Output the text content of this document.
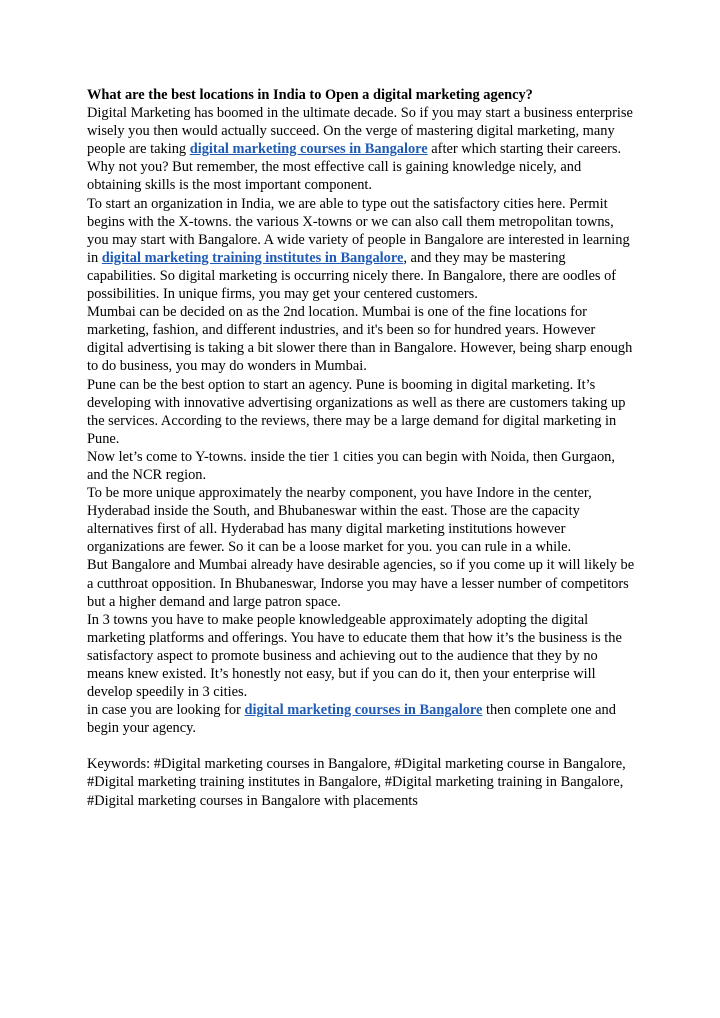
What are the best locations in India to Open a digital marketing agency?

Digital Marketing has boomed in the ultimate decade. So if you may start a business enterprise wisely you then would actually succeed. On the verge of mastering digital marketing, many people are taking digital marketing courses in Bangalore after which starting their careers. Why not you? But remember, the most effective call is gaining knowledge nicely, and obtaining skills is the most important component.

To start an organization in India, we are able to type out the satisfactory cities here. Permit begins with the X-towns. the various X-towns or we can also call them metropolitan towns, you may start with Bangalore. A wide variety of people in Bangalore are interested in learning in digital marketing training institutes in Bangalore, and they may be mastering capabilities. So digital marketing is occurring nicely there. In Bangalore, there are oodles of possibilities. In unique firms, you may get your centered customers.

Mumbai can be decided on as the 2nd location. Mumbai is one of the fine locations for marketing, fashion, and different industries, and it's been so for hundred years. However digital advertising is taking a bit slower there than in Bangalore. However, being sharp enough to do business, you may do wonders in Mumbai.

Pune can be the best option to start an agency. Pune is booming in digital marketing. It’s developing with innovative advertising organizations as well as there are customers taking up the services. According to the reviews, there may be a large demand for digital marketing in Pune.

Now let’s come to Y-towns. inside the tier 1 cities you can begin with Noida, then Gurgaon, and the NCR region.

To be more unique approximately the nearby component, you have Indore in the center, Hyderabad inside the South, and Bhubaneswar within the east. Those are the capacity alternatives first of all. Hyderabad has many digital marketing institutions however organizations are fewer. So it can be a loose market for you. you can rule in a while.

But Bangalore and Mumbai already have desirable agencies, so if you come up it will likely be a cutthroat opposition. In Bhubaneswar, Indorse you may have a lesser number of competitors but a higher demand and large patron space.

In 3 towns you have to make people knowledgeable approximately adopting the digital marketing platforms and offerings. You have to educate them that how it’s the business is the satisfactory aspect to promote business and achieving out to the audience that they by no means knew existed. It’s honestly not easy, but if you can do it, then your enterprise will develop speedily in 3 cities.

in case you are looking for digital marketing courses in Bangalore then complete one and begin your agency.

Keywords: #Digital marketing courses in Bangalore, #Digital marketing course in Bangalore, #Digital marketing training institutes in Bangalore, #Digital marketing training in Bangalore, #Digital marketing courses in Bangalore with placements
